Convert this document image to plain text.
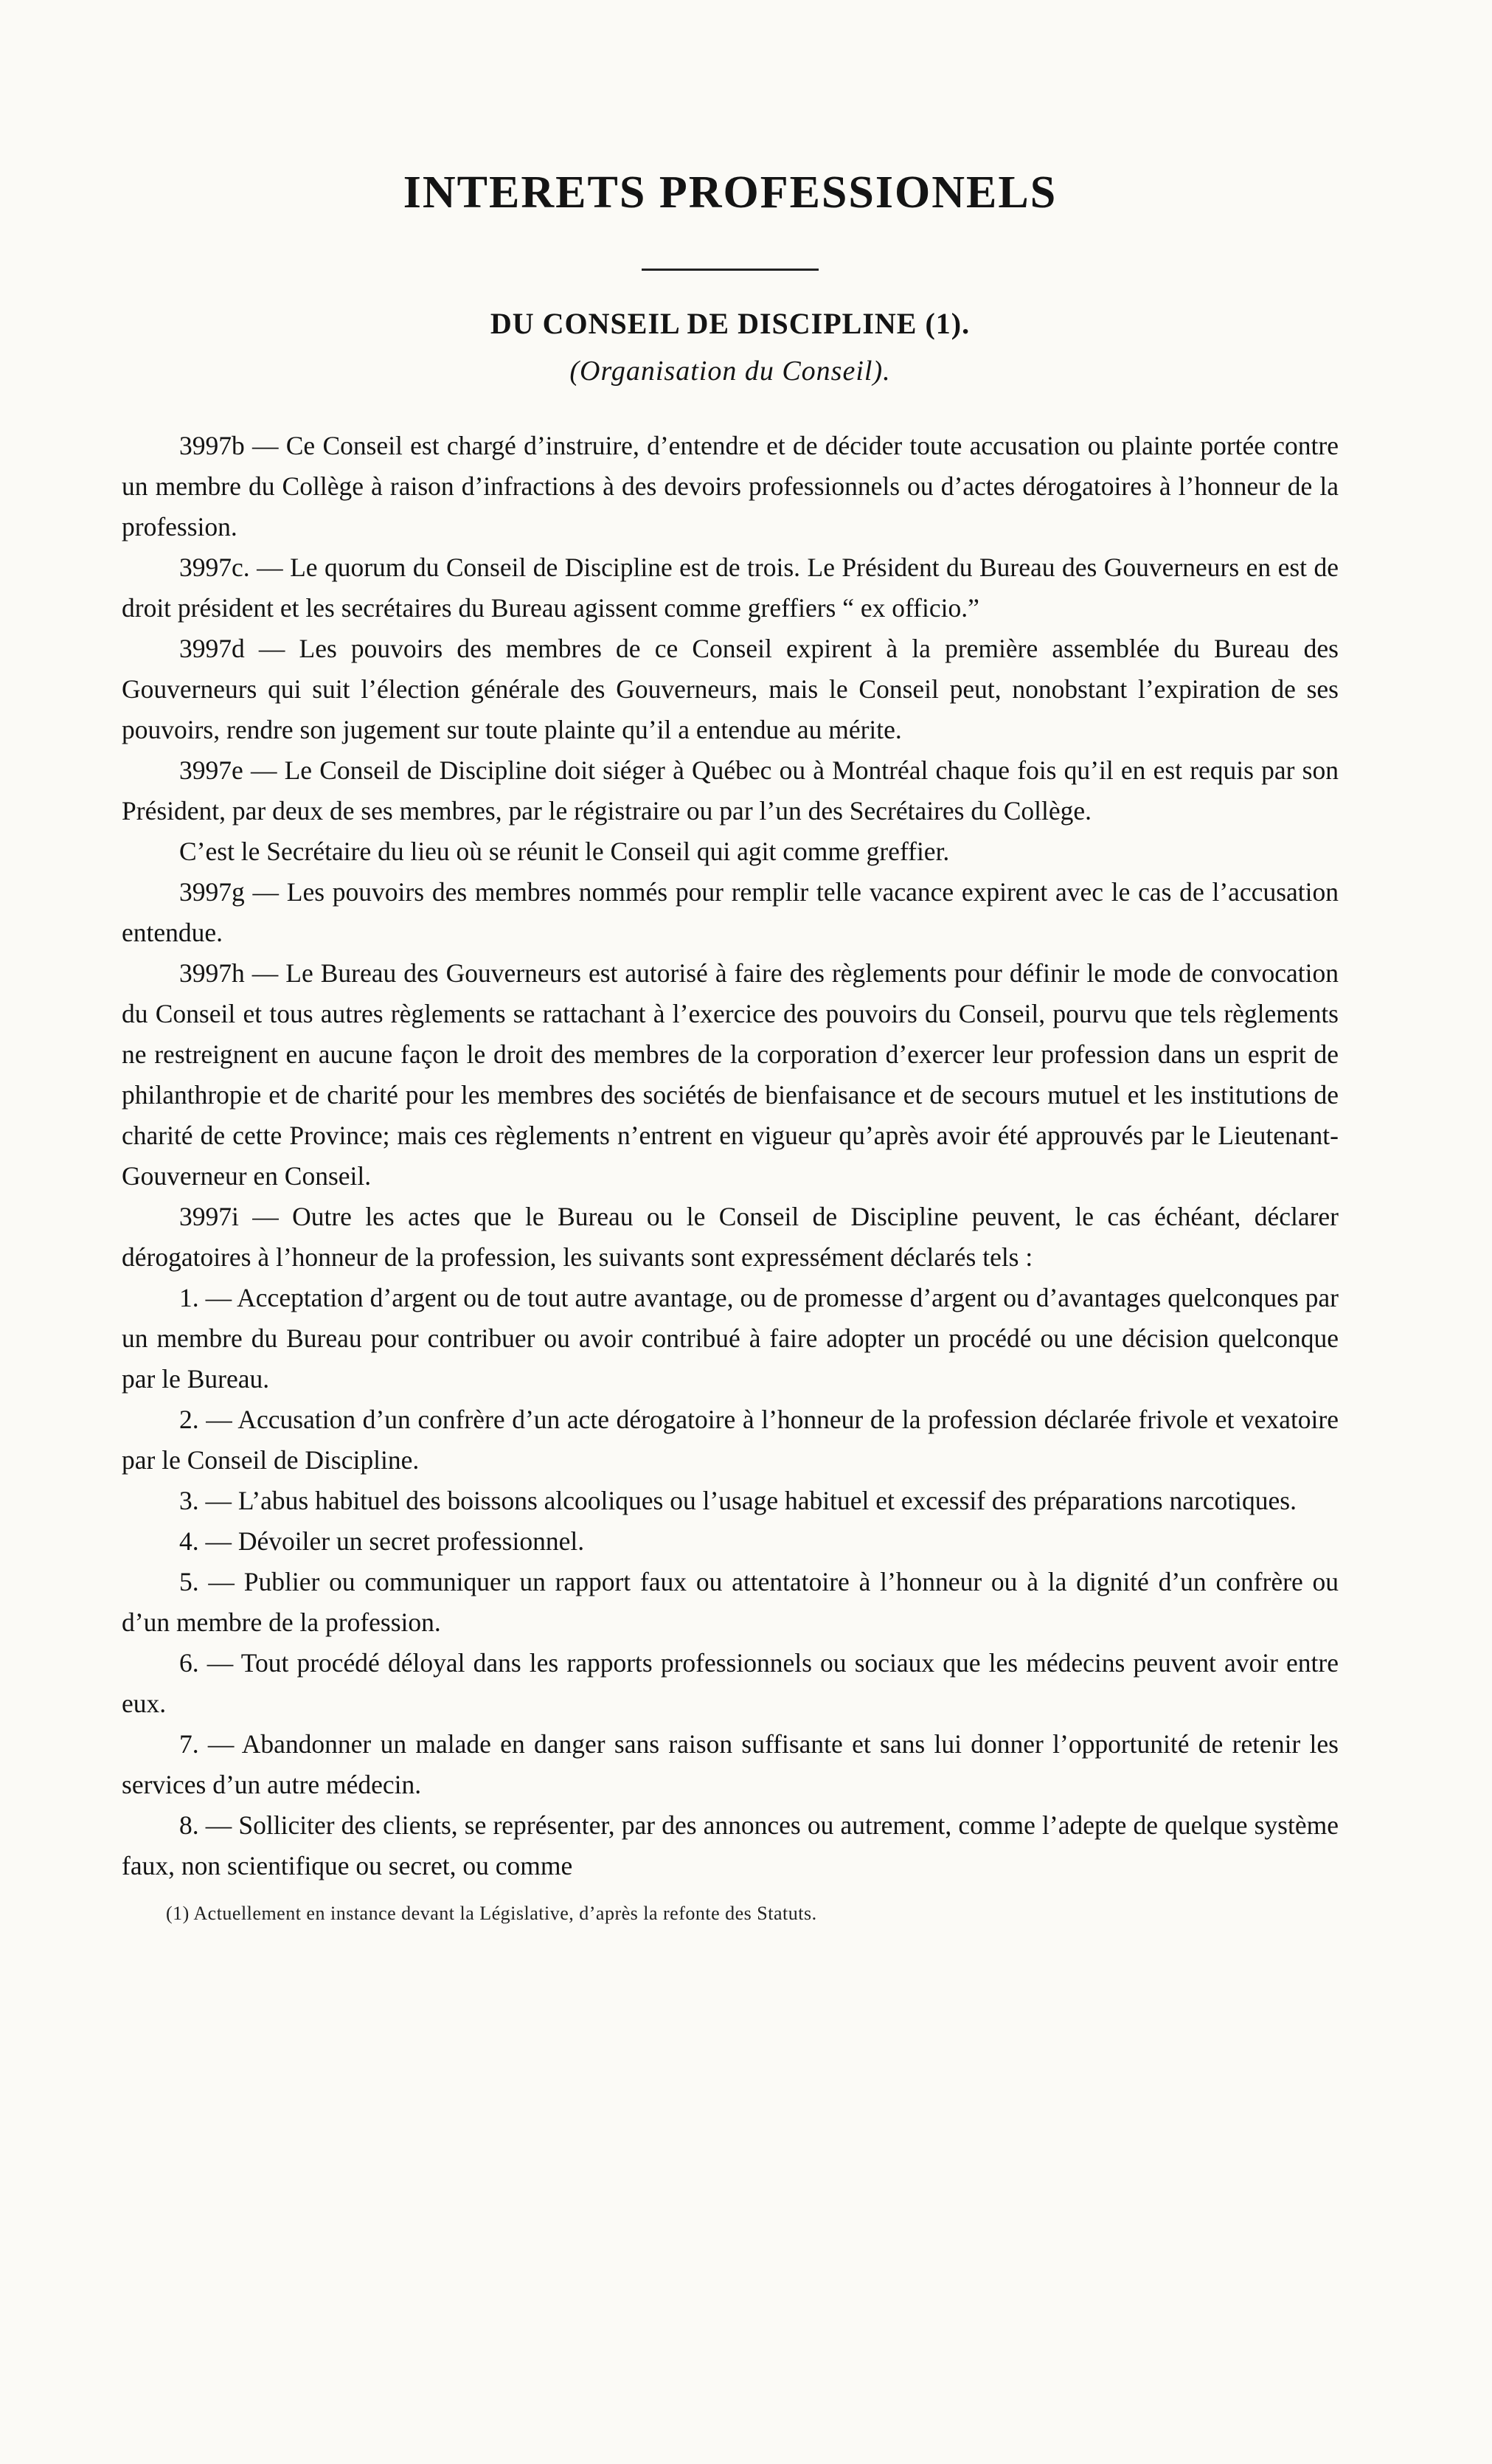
INTERETS PROFESSIONELS
DU CONSEIL DE DISCIPLINE (1).
(Organisation du Conseil).

3997b — Ce Conseil est chargé d’instruire, d’entendre et de décider toute accusation ou plainte portée contre un membre du Collège à raison d’infractions à des devoirs professionnels ou d’actes dérogatoires à l’honneur de la profession.

3997c. — Le quorum du Conseil de Discipline est de trois. Le Président du Bureau des Gouverneurs en est de droit président et les secrétaires du Bureau agissent comme greffiers “ ex officio.”

3997d — Les pouvoirs des membres de ce Conseil expirent à la première assemblée du Bureau des Gouverneurs qui suit l’élection générale des Gouverneurs, mais le Conseil peut, nonobstant l’expiration de ses pouvoirs, rendre son jugement sur toute plainte qu’il a entendue au mérite.

3997e — Le Conseil de Discipline doit siéger à Québec ou à Montréal chaque fois qu’il en est requis par son Président, par deux de ses membres, par le régistraire ou par l’un des Secrétaires du Collège.

C’est le Secrétaire du lieu où se réunit le Conseil qui agit comme greffier.

3997g — Les pouvoirs des membres nommés pour remplir telle vacance expirent avec le cas de l’accusation entendue.

3997h — Le Bureau des Gouverneurs est autorisé à faire des règlements pour définir le mode de convocation du Conseil et tous autres règlements se rattachant à l’exercice des pouvoirs du Conseil, pourvu que tels règlements ne restreignent en aucune façon le droit des membres de la corporation d’exercer leur profession dans un esprit de philanthropie et de charité pour les membres des sociétés de bienfaisance et de secours mutuel et les institutions de charité de cette Province; mais ces règlements n’entrent en vigueur qu’après avoir été approuvés par le Lieutenant-Gouverneur en Conseil.

3997i — Outre les actes que le Bureau ou le Conseil de Discipline peuvent, le cas échéant, déclarer dérogatoires à l’honneur de la profession, les suivants sont expressément déclarés tels :

1. — Acceptation d’argent ou de tout autre avantage, ou de promesse d’argent ou d’avantages quelconques par un membre du Bureau pour contribuer ou avoir contribué à faire adopter un procédé ou une décision quelconque par le Bureau.

2. — Accusation d’un confrère d’un acte dérogatoire à l’honneur de la profession déclarée frivole et vexatoire par le Conseil de Discipline.

3. — L’abus habituel des boissons alcooliques ou l’usage habituel et excessif des préparations narcotiques.

4. — Dévoiler un secret professionnel.

5. — Publier ou communiquer un rapport faux ou attentatoire à l’honneur ou à la dignité d’un confrère ou d’un membre de la profession.

6. — Tout procédé déloyal dans les rapports professionnels ou sociaux que les médecins peuvent avoir entre eux.

7. — Abandonner un malade en danger sans raison suffisante et sans lui donner l’opportunité de retenir les services d’un autre médecin.

8. — Solliciter des clients, se représenter, par des annonces ou autrement, comme l’adepte de quelque système faux, non scientifique ou secret, ou comme

(1) Actuellement en instance devant la Législative, d’après la refonte des Statuts.
